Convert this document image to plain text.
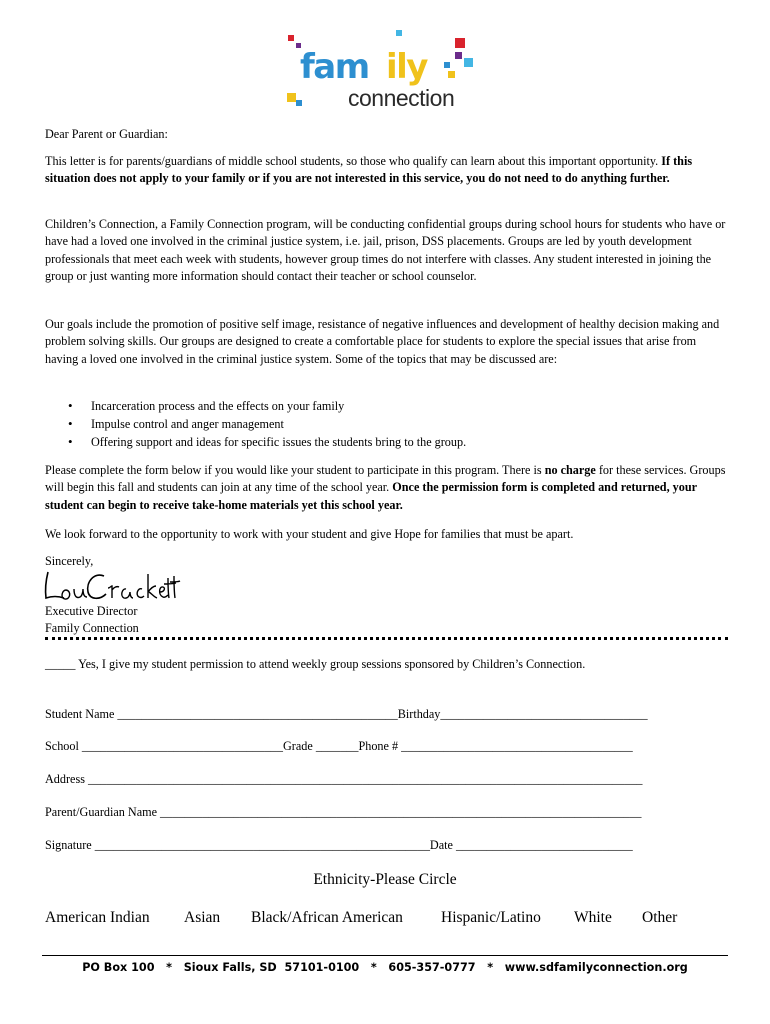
fam ily
connection
Dear Parent or Guardian:

This letter is for parents/guardians of middle school students, so those who qualify can learn about this important opportunity. If this situation does not apply to your family or if you are not interested in this service, you do not need to do anything further.

Children’s Connection, a Family Connection program, will be conducting confidential groups during school hours for students who have or have had a loved one involved in the criminal justice system, i.e. jail, prison, DSS placements. Groups are led by youth development professionals that meet each week with students, however group times do not interfere with classes. Any student interested in joining the group or just wanting more information should contact their teacher or school counselor.
Our goals include the promotion of positive self image, resistance of negative influences and development of healthy decision making and problem solving skills. Our groups are designed to create a comfortable place for students to explore the special issues that arise from having a loved one involved in the criminal justice system. Some of the topics that may be discussed are:
• Incarceration process and the effects on your family
• Impulse control and anger management
• Offering support and ideas for specific issues the students bring to the group.

Please complete the form below if you would like your student to participate in this program. There is no charge for these services. Groups will begin this fall and students can join at any time of the school year. Once the permission form is completed and returned, your student can begin to receive take-home materials yet this school year.

We look forward to the opportunity to work with your student and give Hope for families that must be apart.
Sincerely,
Executive Director
Family Connection
_____ Yes, I give my student permission to attend weekly group sessions sponsored by Children’s Connection.
Student Name ______________________________________________Birthday__________________________________
School _________________________________Grade _______Phone # ______________________________________
Address ___________________________________________________________________________________________
Parent/Guardian Name _______________________________________________________________________________
Signature _______________________________________________________Date _____________________________
Ethnicity-Please Circle
American Indian Asian Black/African American Hispanic/Latino White Other
PO Box 100   *   Sioux Falls, SD  57101-0100   *   605-357-0777   *   www.sdfamilyconnection.org
